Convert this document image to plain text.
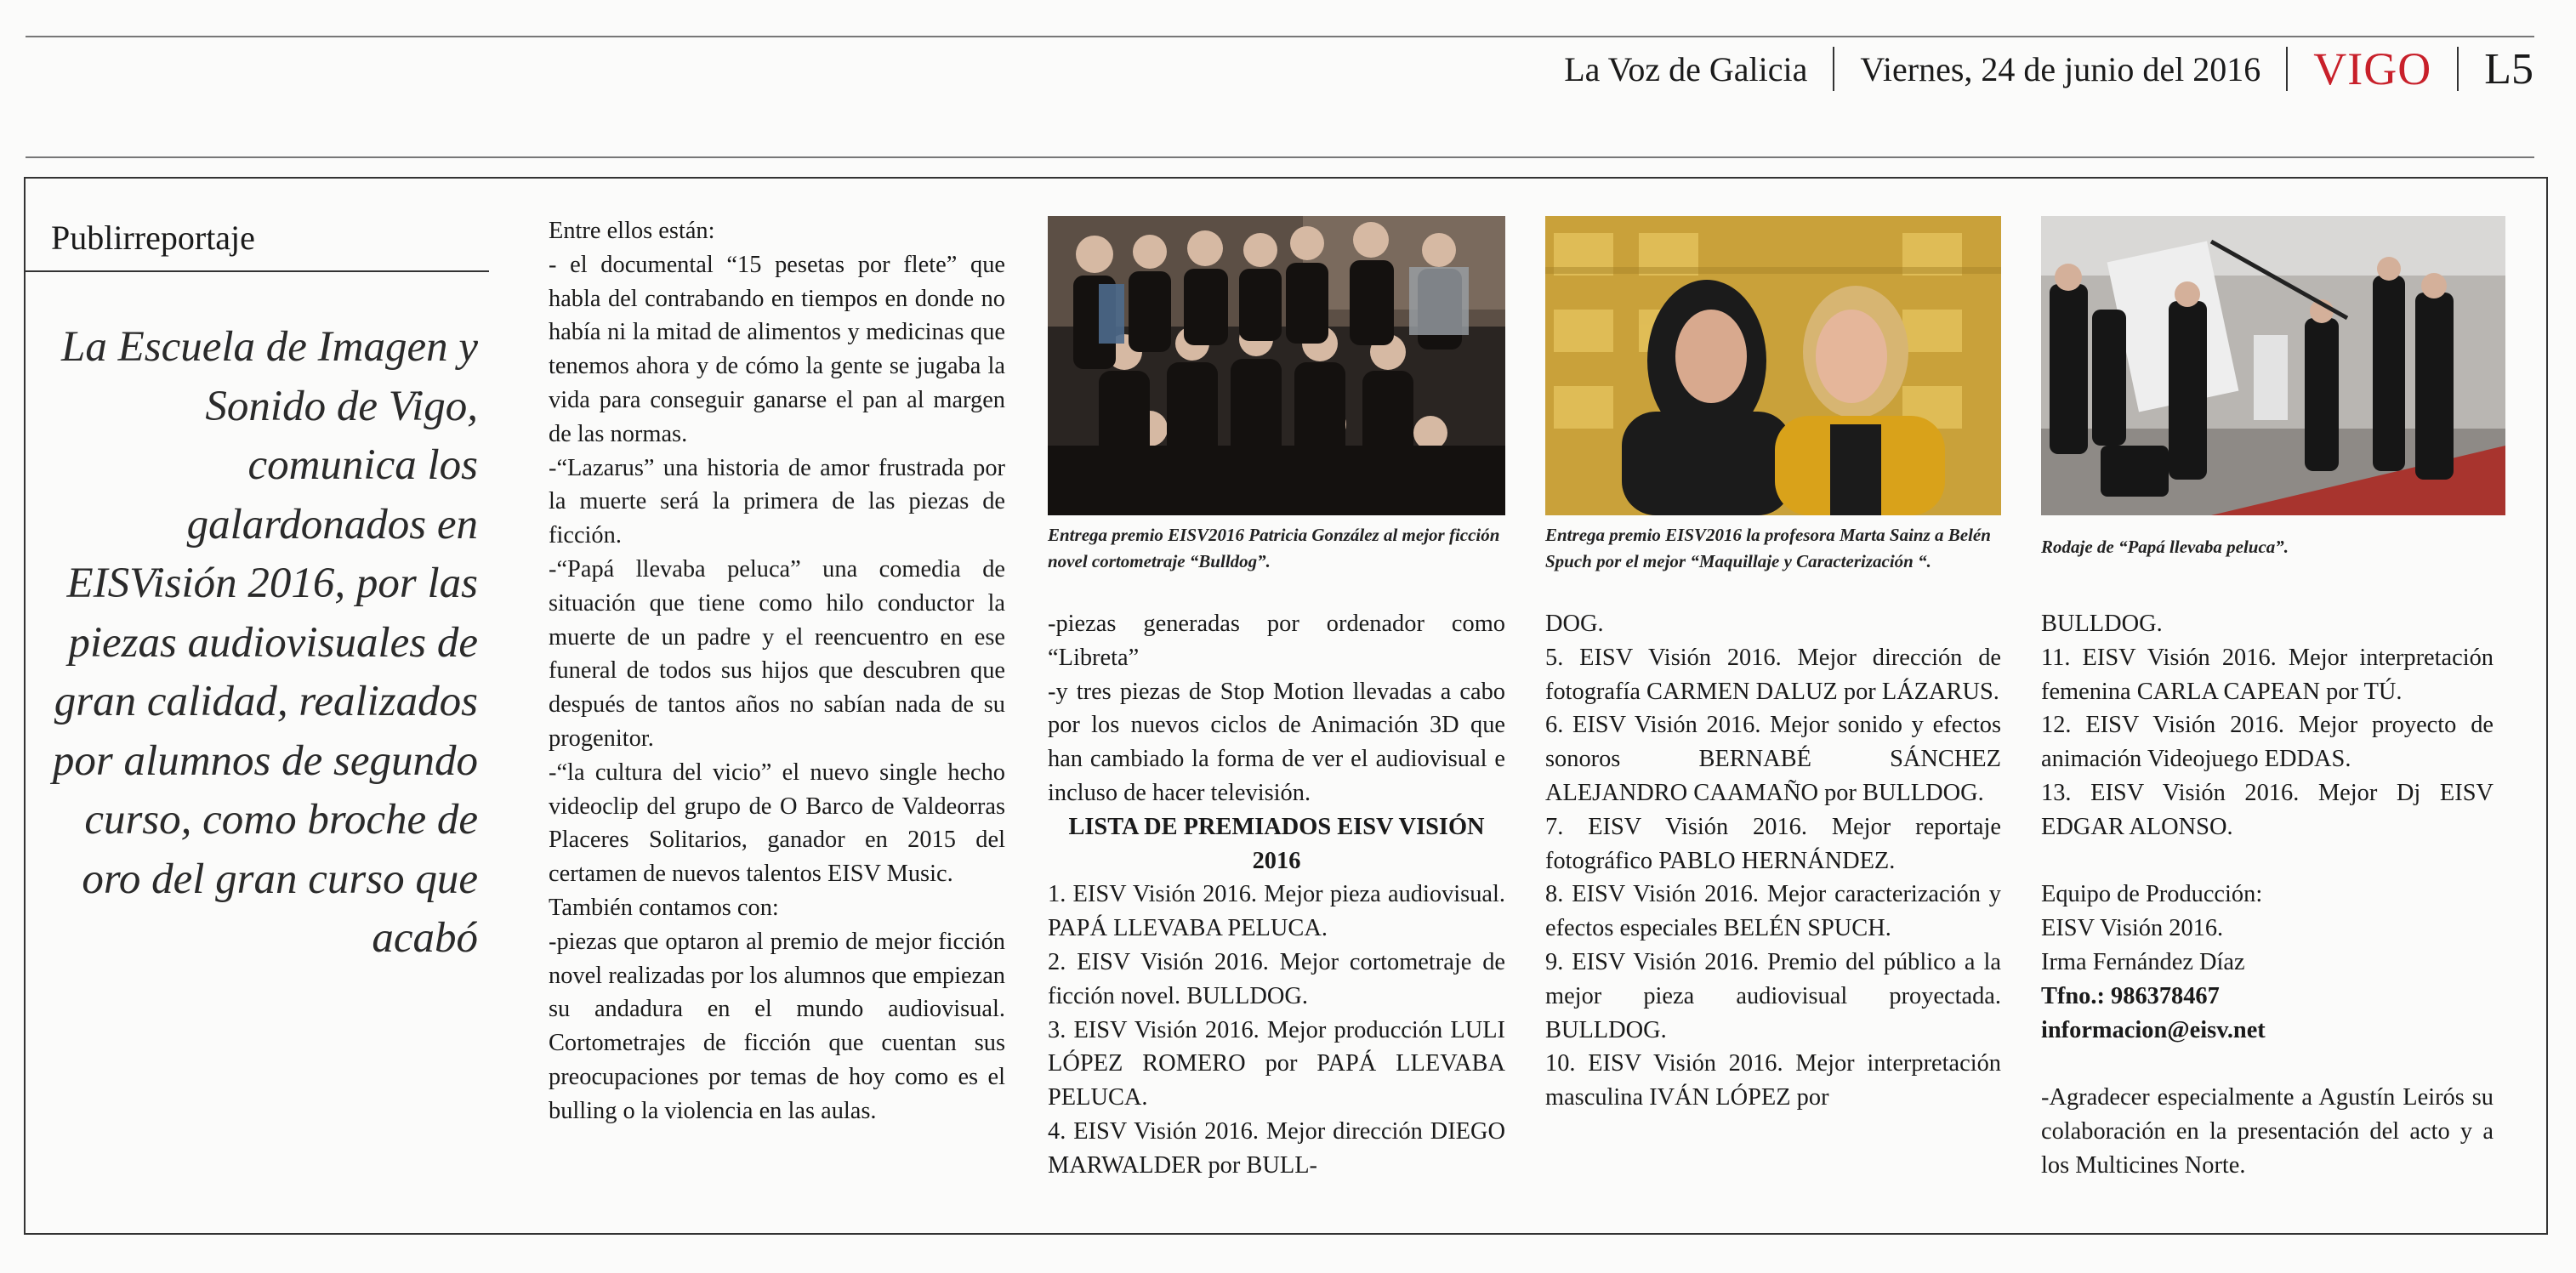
La Voz de Galicia Viernes, 24 de junio del 2016 VIGO L5
Publirreportaje
La Escuela de Imagen y Sonido de Vigo, comunica los galardonados en EISVisión 2016, por las piezas audiovisuales de gran calidad, realizados por alumnos de segundo curso, como broche de oro del gran curso que acabó

Entre ellos están:

- el documental “15 pesetas por flete” que habla del contrabando en tiempos en donde no había ni la mitad de alimentos y medicinas que tenemos ahora y de cómo la gente se jugaba la vida para conseguir ganarse el pan al margen de las normas.

-“Lazarus” una historia de amor frustrada por la muerte será la primera de las piezas de ficción.

-“Papá llevaba peluca” una comedia de situación que tiene como hilo conductor la muerte de un padre y el reencuentro en ese funeral de todos sus hijos que descubren que después de tantos años no sabían nada de su progenitor.

-“la cultura del vicio” el nuevo single hecho videoclip del grupo de O Barco de Valdeorras Placeres Solitarios, ganador en 2015 del certamen de nuevos talentos EISV Music.

También contamos con:

-piezas que optaron al premio de mejor ficción novel realizadas por los alumnos que empiezan su andadura en el mundo audiovisual. Cortometrajes de ficción que cuentan sus preocupaciones por temas de hoy como es el bulling o la violencia en las aulas.

Entrega premio EISV2016 Patricia González al mejor ficción novel cortometraje “Bulldog”.

-piezas generadas por ordenador como “Libreta”

-y tres piezas de Stop Motion llevadas a cabo por los nuevos ciclos de Animación 3D que han cambiado la forma de ver el audiovisual e incluso de hacer televisión.

LISTA DE PREMIADOS EISV VISIÓN 2016

1. EISV Visión 2016. Mejor pieza audiovisual. PAPÁ LLEVABA PELUCA.

2. EISV Visión 2016. Mejor cortometraje de ficción novel. BULLDOG.

3. EISV Visión 2016. Mejor producción LULI LÓPEZ ROMERO por PAPÁ LLEVABA PELUCA.

4. EISV Visión 2016. Mejor dirección DIEGO MARWALDER por BULL-

Entrega premio EISV2016 la profesora Marta Sainz a Belén Spuch por el mejor “Maquillaje y Caracterización “.

DOG.

5. EISV Visión 2016. Mejor dirección de fotografía CARMEN DALUZ por LÁZARUS.

6. EISV Visión 2016. Mejor sonido y efectos sonoros BERNABÉ SÁNCHEZ ALEJANDRO CAAMAÑO por BULLDOG.

7. EISV Visión 2016. Mejor reportaje fotográfico PABLO HERNÁNDEZ.

8. EISV Visión 2016. Mejor caracterización y efectos especiales BELÉN SPUCH.

9. EISV Visión 2016. Premio del público a la mejor pieza audiovisual proyectada. BULLDOG.

10. EISV Visión 2016. Mejor interpretación masculina IVÁN LÓPEZ por

Rodaje de “Papá llevaba peluca”.

BULLDOG.

11. EISV Visión 2016. Mejor interpretación femenina CARLA CAPEAN por TÚ.

12. EISV Visión 2016. Mejor proyecto de animación Videojuego EDDAS.

13. EISV Visión 2016. Mejor Dj EISV EDGAR ALONSO.

Equipo de Producción:

EISV Visión 2016.

Irma Fernández Díaz

Tfno.: 986378467

informacion@eisv.net

-Agradecer especialmente a Agustín Leirós su colaboración en la presentación del acto y a los Multicines Norte.
